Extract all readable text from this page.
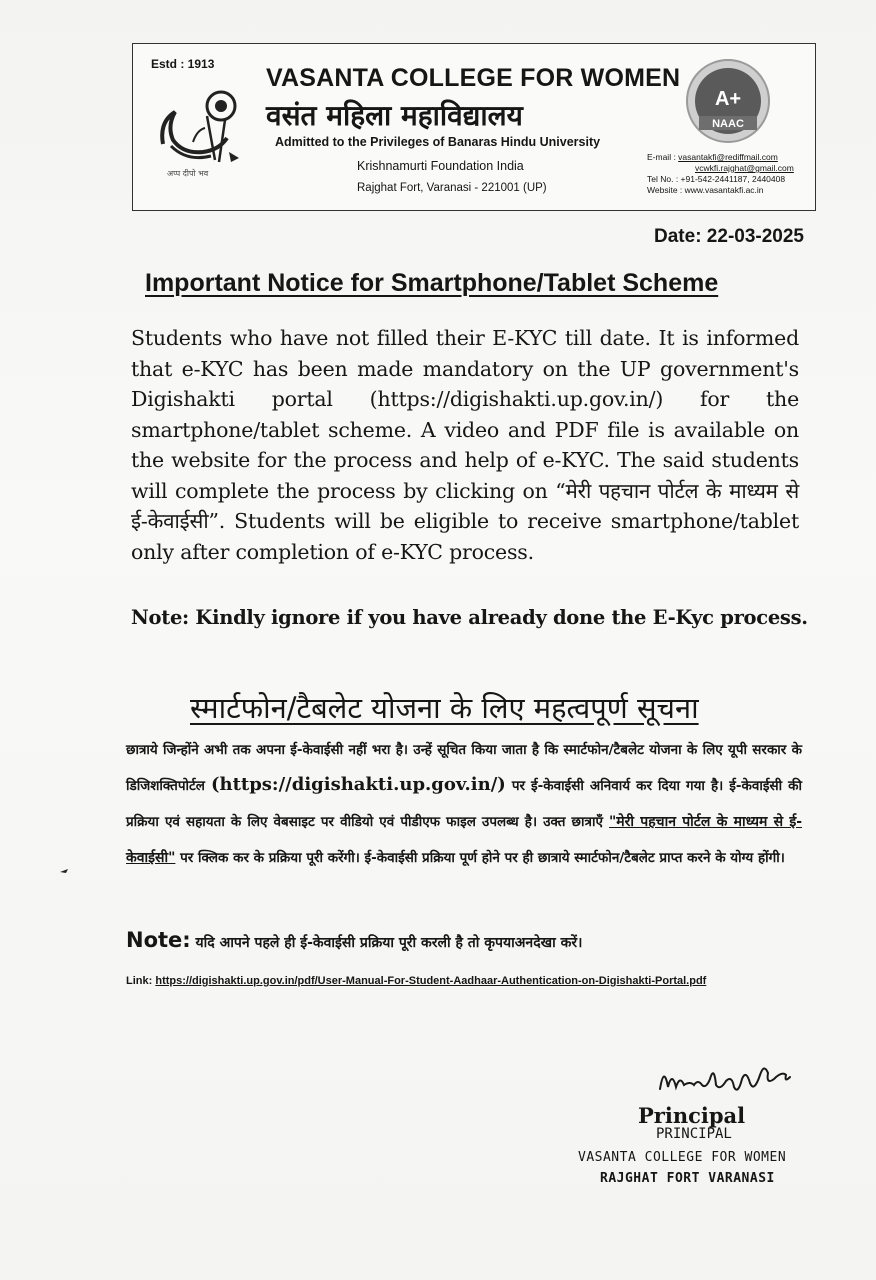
Estd : 1913
अप्प दीपो भव
VASANTA COLLEGE FOR WOMEN
वसंत महिला महाविद्यालय
Admitted to the Privileges of Banaras Hindu University
Krishnamurti Foundation India
Rajghat Fort, Varanasi - 221001 (UP)
A+
NAAC
E-mail : vasantakfi@rediffmail.com
vcwkfi.rajghat@gmail.com
Tel No. : +91-542-2441187, 2440408
Website : www.vasantakfi.ac.in
Date: 22-03-2025
Important Notice for Smartphone/Tablet Scheme

Students who have not filled their E-KYC till date. It is informed that e-KYC has been made mandatory on the UP government's Digishakti portal (https://digishakti.up.gov.in/) for the smartphone/tablet scheme. A video and PDF file is available on the website for the process and help of e-KYC. The said students will complete the process by clicking on “मेरी पहचान पोर्टल के माध्यम से ई-केवाईसी”. Students will be eligible to receive smartphone/tablet only after completion of e-KYC process.

Note: Kindly ignore if you have already done the E-Kyc process.
स्मार्टफोन/टैबलेट योजना के लिए महत्वपूर्ण सूचना

छात्राये जिन्होंने अभी तक अपना ई-केवाईसी नहीं भरा है। उन्हें सूचित किया जाता है कि स्मार्टफोन/टैबलेट योजना के लिए यूपी सरकार के डिजिशक्तिपोर्टल (https://digishakti.up.gov.in/) पर ई-केवाईसी अनिवार्य कर दिया गया है। ई-केवाईसी की प्रक्रिया एवं सहायता के लिए वेबसाइट पर वीडियो एवं पीडीएफ फाइल उपलब्ध है। उक्त छात्राएँ "मेरी पहचान पोर्टल के माध्यम से ई-केवाईसी" पर क्लिक कर के प्रक्रिया पूरी करेंगी। ई-केवाईसी प्रक्रिया पूर्ण होने पर ही छात्राये स्मार्टफोन/टैबलेट प्राप्त करने के योग्य होंगी।

Note: यदि आपने पहले ही ई-केवाईसी प्रक्रिया पूरी करली है तो कृपयाअनदेखा करें।
Link: https://digishakti.up.gov.in/pdf/User-Manual-For-Student-Aadhaar-Authentication-on-Digishakti-Portal.pdf
Principal
PRINCIPAL
VASANTA COLLEGE FOR WOMEN
RAJGHAT FORT VARANASI
